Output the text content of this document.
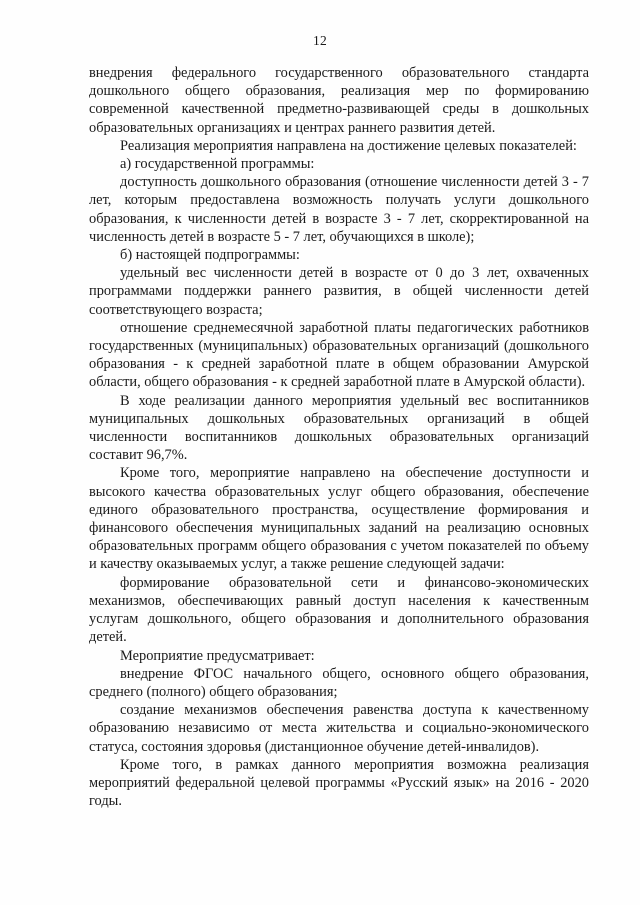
12

внедрения федерального государственного образовательного стандарта дошкольного общего образования, реализация мер по формированию современной качественной предметно-развивающей среды в дошкольных образовательных организациях и центрах раннего развития детей.

Реализация мероприятия направлена на достижение целевых показателей:

а) государственной программы:

доступность дошкольного образования (отношение численности детей 3 - 7 лет, которым предоставлена возможность получать услуги дошкольного образования, к численности детей в возрасте 3 - 7 лет, скорректированной на численность детей в возрасте 5 - 7 лет, обучающихся в школе);

б) настоящей подпрограммы:

удельный вес численности детей в возрасте от 0 до 3 лет, охваченных программами поддержки раннего развития, в общей численности детей соответствующего возраста;

отношение среднемесячной заработной платы педагогических работников государственных (муниципальных) образовательных организаций (дошкольного образования - к средней заработной плате в общем образовании Амурской области, общего образования - к средней заработной плате в Амурской области).

В ходе реализации данного мероприятия удельный вес воспитанников муниципальных дошкольных образовательных организаций в общей численности воспитанников дошкольных образовательных организаций составит 96,7%.

Кроме того, мероприятие направлено на обеспечение доступности и высокого качества образовательных услуг общего образования, обеспечение единого образовательного пространства, осуществление формирования и финансового обеспечения муниципальных заданий на реализацию основных образовательных программ общего образования с учетом показателей по объему и качеству оказываемых услуг, а также решение следующей задачи:

формирование образовательной сети и финансово-экономических механизмов, обеспечивающих равный доступ населения к качественным услугам дошкольного, общего образования и дополнительного образования детей.

Мероприятие предусматривает:

внедрение ФГОС начального общего, основного общего образования, среднего (полного) общего образования;

создание механизмов обеспечения равенства доступа к качественному образованию независимо от места жительства и социально-экономического статуса, состояния здоровья (дистанционное обучение детей-инвалидов).

Кроме того, в рамках данного мероприятия возможна реализация мероприятий федеральной целевой программы «Русский язык» на 2016 - 2020 годы.
